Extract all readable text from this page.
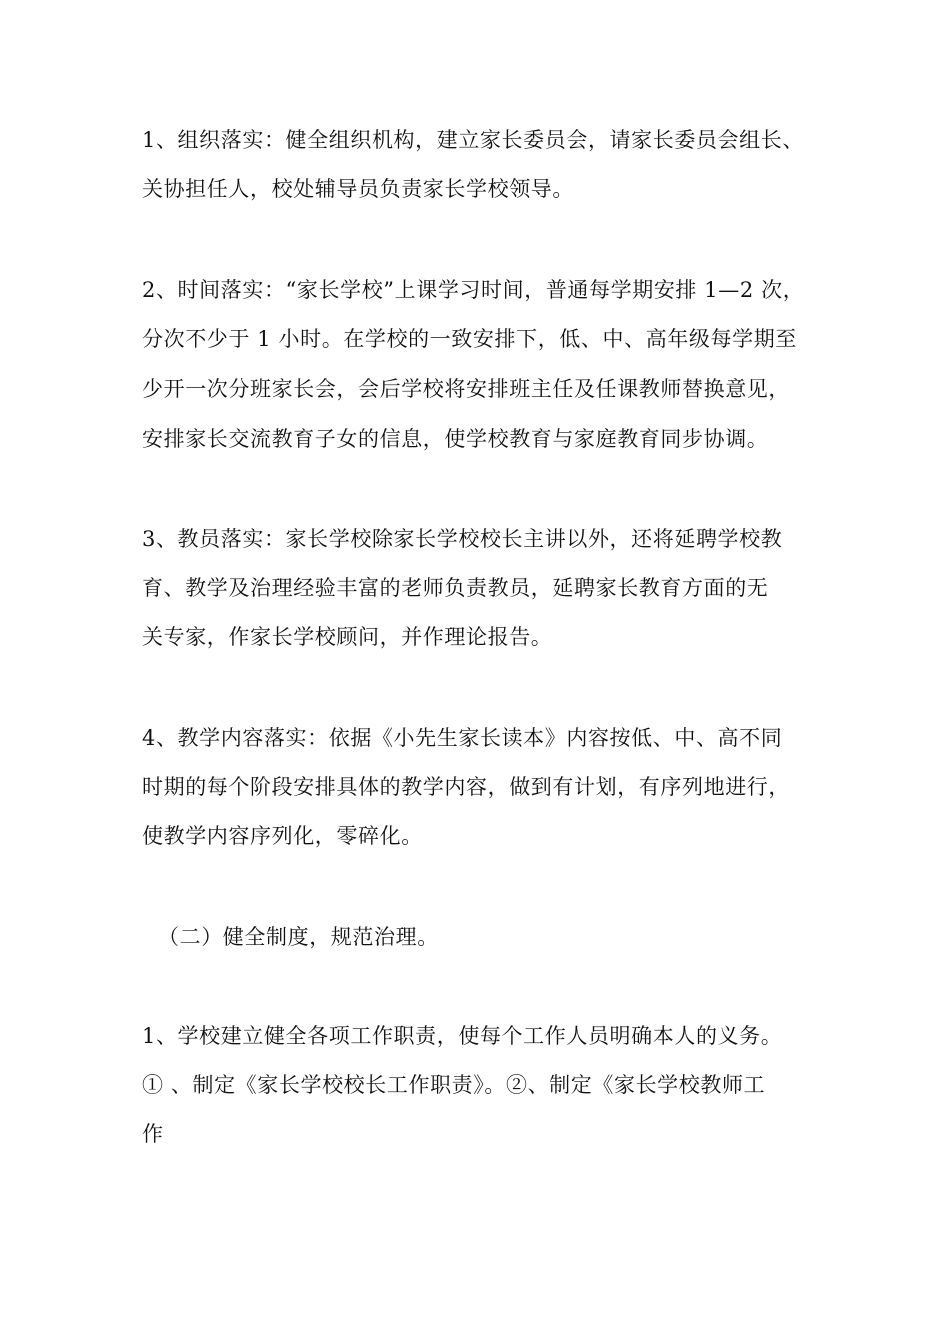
1、组织落实：健全组织机构，建立家长委员会，请家长委员会组长、
关协担任人，校处辅导员负责家长学校领导。
2、时间落实：“家长学校”上课学习时间，普通每学期安排 1—2 次，
分次不少于 1 小时。在学校的一致安排下，低、中、高年级每学期至
少开一次分班家长会，会后学校将安排班主任及任课教师替换意见，
安排家长交流教育子女的信息，使学校教育与家庭教育同步协调。
3、教员落实：家长学校除家长学校校长主讲以外，还将延聘学校教
育、教学及治理经验丰富的老师负责教员，延聘家长教育方面的无
关专家，作家长学校顾问，并作理论报告。
4、教学内容落实：依据《小先生家长读本》内容按低、中、高不同
时期的每个阶段安排具体的教学内容，做到有计划，有序列地进行，
使教学内容序列化，零碎化。
（二）健全制度，规范治理。
1、学校建立健全各项工作职责，使每个工作人员明确本人的义务。
① 、制定《家长学校校长工作职责》。②、制定《家长学校教师工
作
